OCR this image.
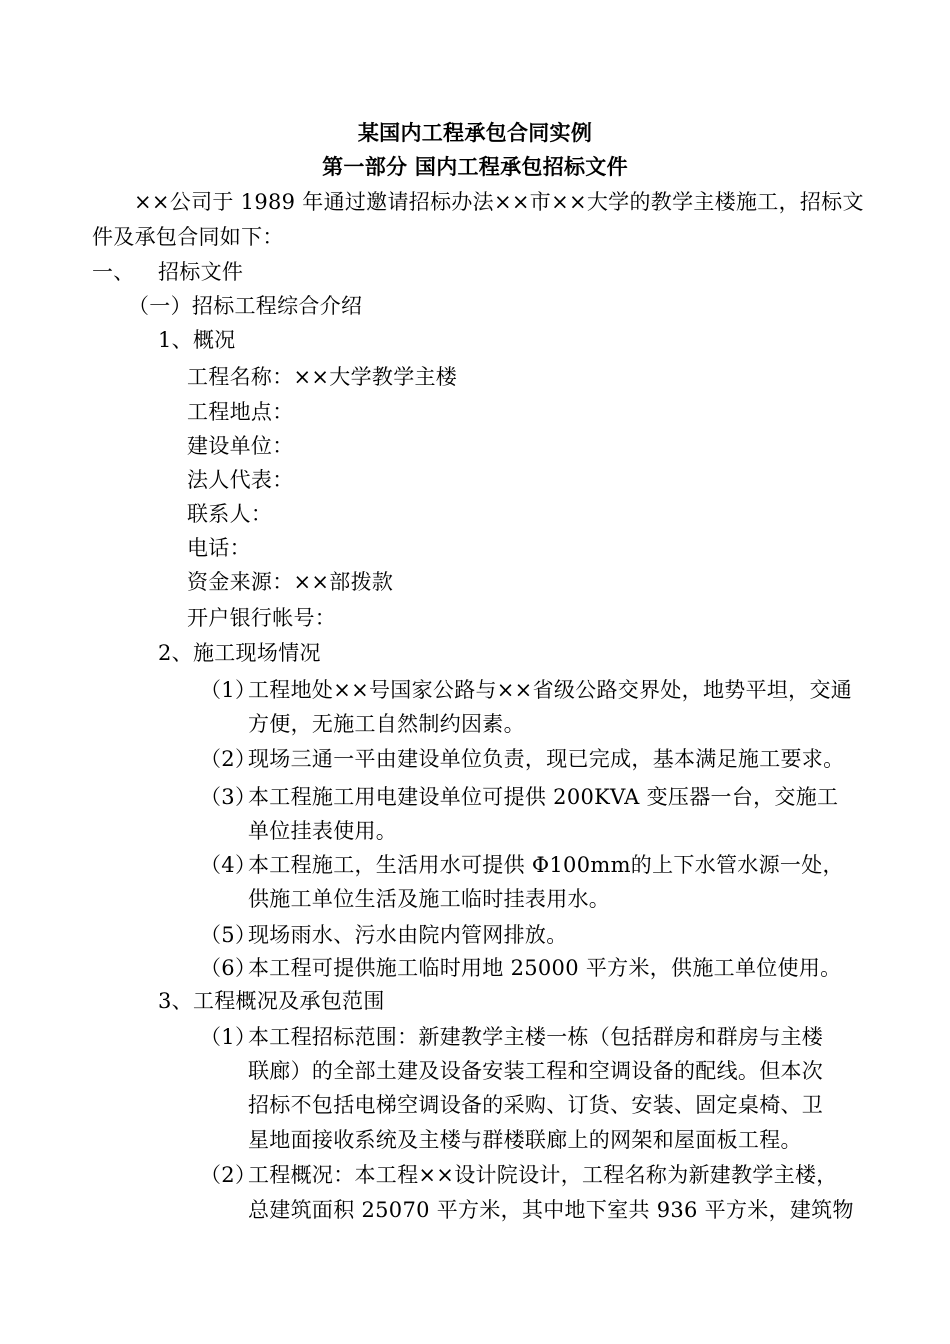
某国内工程承包合同实例
第一部分 国内工程承包招标文件
××公司于 1989 年通过邀请招标办法××市××大学的教学主楼施工，招标文
件及承包合同如下：
一、 招标文件
（一）招标工程综合介绍
1、概况
工程名称：××大学教学主楼
工程地点：
建设单位：
法人代表：
联系人：
电话：
资金来源：××部拨款
开户银行帐号：
2、施工现场情况
（1）
工程地处××号国家公路与××省级公路交界处，地势平坦，交通
方便，无施工自然制约因素。
（2）
现场三通一平由建设单位负责，现已完成，基本满足施工要求。
（3）
本工程施工用电建设单位可提供 200KVA 变压器一台，交施工
单位挂表使用。
（4）
本工程施工，生活用水可提供 Φ100mm的上下水管水源一处，
供施工单位生活及施工临时挂表用水。
（5）
现场雨水、污水由院内管网排放。
（6）
本工程可提供施工临时用地 25000 平方米，供施工单位使用。
3、工程概况及承包范围
（1）
本工程招标范围：新建教学主楼一栋（包括群房和群房与主楼
联廊）的全部土建及设备安装工程和空调设备的配线。但本次
招标不包括电梯空调设备的采购、订货、安装、固定桌椅、卫
星地面接收系统及主楼与群楼联廊上的网架和屋面板工程。
（2）
工程概况：本工程××设计院设计，工程名称为新建教学主楼，
总建筑面积 25070 平方米，其中地下室共 936 平方米，建筑物
